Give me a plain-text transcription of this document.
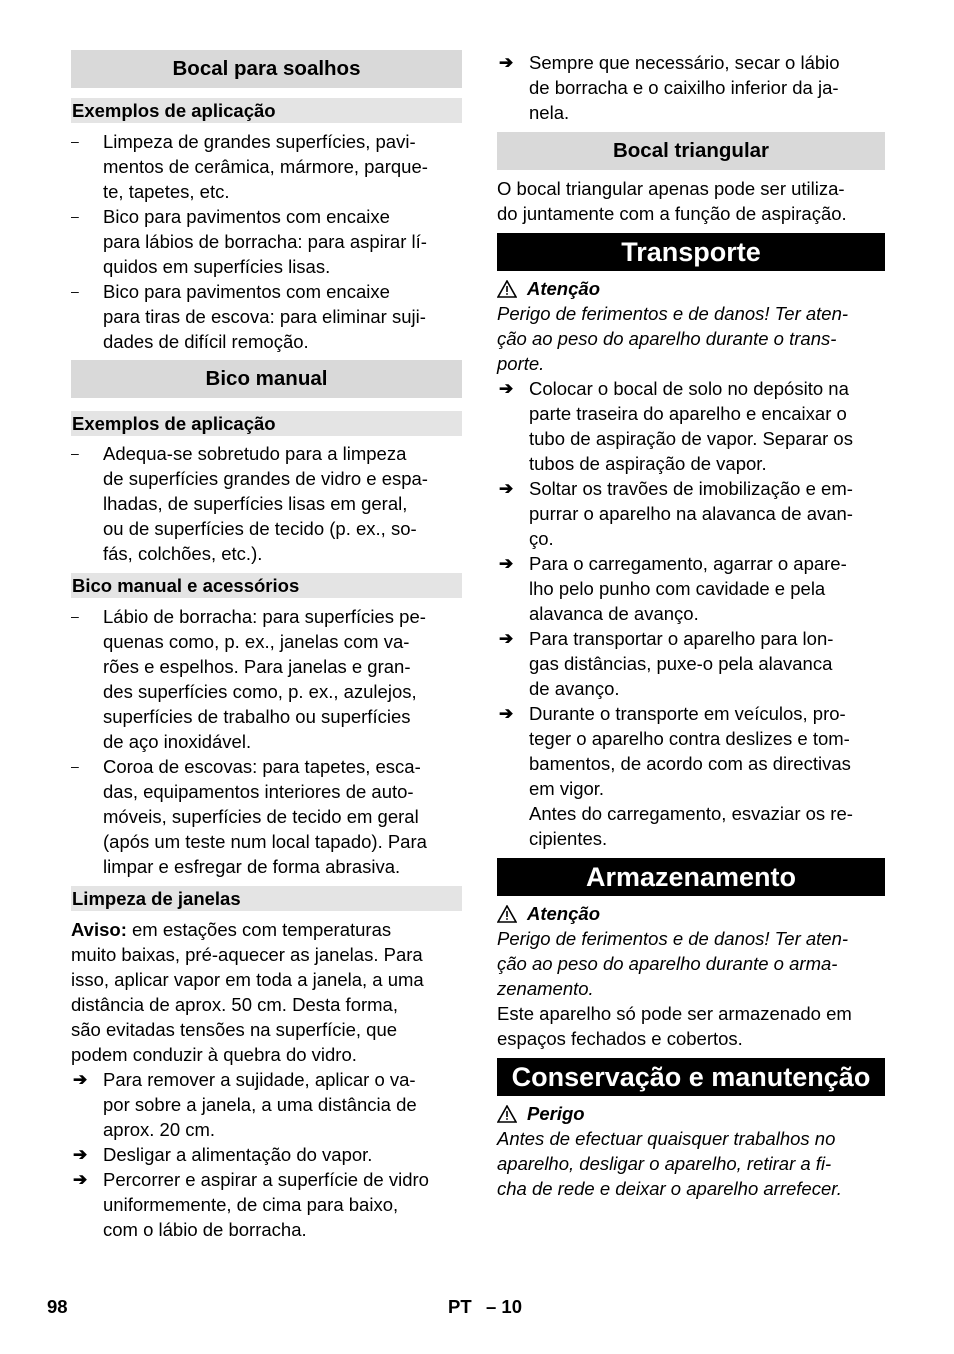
Bocal para soalhos
Exemplos de aplicação
–	Limpeza de grandes superfícies, pavi-
mentos de cerâmica, mármore, parque-
te, tapetes, etc.
–	Bico para pavimentos com encaixe
para lábios de borracha: para aspirar lí-
quidos em superfícies lisas.
–	Bico para pavimentos com encaixe
para tiras de escova: para eliminar suji-
dades de difícil remoção.
Bico manual
Exemplos de aplicação
–	Adequa-se sobretudo para a limpeza
de superfícies grandes de vidro e espa-
lhadas, de superfícies lisas em geral,
ou de superfícies de tecido (p. ex., so-
fás, colchões, etc.).
Bico manual e acessórios
–	Lábio de borracha: para superfícies pe-
quenas como, p. ex., janelas com va-
rões e espelhos. Para janelas e gran-
des superfícies como, p. ex., azulejos,
superfícies de trabalho ou superfícies
de aço inoxidável.
–	Coroa de escovas: para tapetes, esca-
das, equipamentos interiores de auto-
móveis, superfícies de tecido em geral
(após um teste num local tapado). Para
limpar e esfregar de forma abrasiva.
Limpeza de janelas
Aviso: em estações com temperaturas
muito baixas, pré-aquecer as janelas. Para
isso, aplicar vapor em toda a janela, a uma
distância de aprox. 50 cm. Desta forma,
são evitadas tensões na superfície, que
podem conduzir à quebra do vidro.
➔ Para remover a sujidade, aplicar o va-
por sobre a janela, a uma distância de
aprox. 20 cm.
➔ Desligar a alimentação do vapor.
➔ Percorrer e aspirar a superfície de vidro
uniformemente, de cima para baixo,
com o lábio de borracha.
➔ Sempre que necessário, secar o lábio
de borracha e o caixilho inferior da ja-
nela.
Bocal triangular
O bocal triangular apenas pode ser utiliza-
do juntamente com a função de aspiração.
Transporte
Atenção
Perigo de ferimentos e de danos! Ter aten-
ção ao peso do aparelho durante o trans-
porte.
➔ Colocar o bocal de solo no depósito na
parte traseira do aparelho e encaixar o
tubo de aspiração de vapor. Separar os
tubos de aspiração de vapor.
➔ Soltar os travões de imobilização e em-
purrar o aparelho na alavanca de avan-
ço.
➔ Para o carregamento, agarrar o apare-
lho pelo punho com cavidade e pela
alavanca de avanço.
➔ Para transportar o aparelho para lon-
gas distâncias, puxe-o pela alavanca
de avanço.
➔ Durante o transporte em veículos, pro-
teger o aparelho contra deslizes e tom-
bamentos, de acordo com as directivas
em vigor.
Antes do carregamento, esvaziar os re-
cipientes.
Armazenamento
Atenção
Perigo de ferimentos e de danos! Ter aten-
ção ao peso do aparelho durante o arma-
zenamento.
Este aparelho só pode ser armazenado em
espaços fechados e cobertos.
Conservação e manutenção
Perigo
Antes de efectuar quaisquer trabalhos no
aparelho, desligar o aparelho, retirar a fi-
cha de rede e deixar o aparelho arrefecer.
98	PT – 10
